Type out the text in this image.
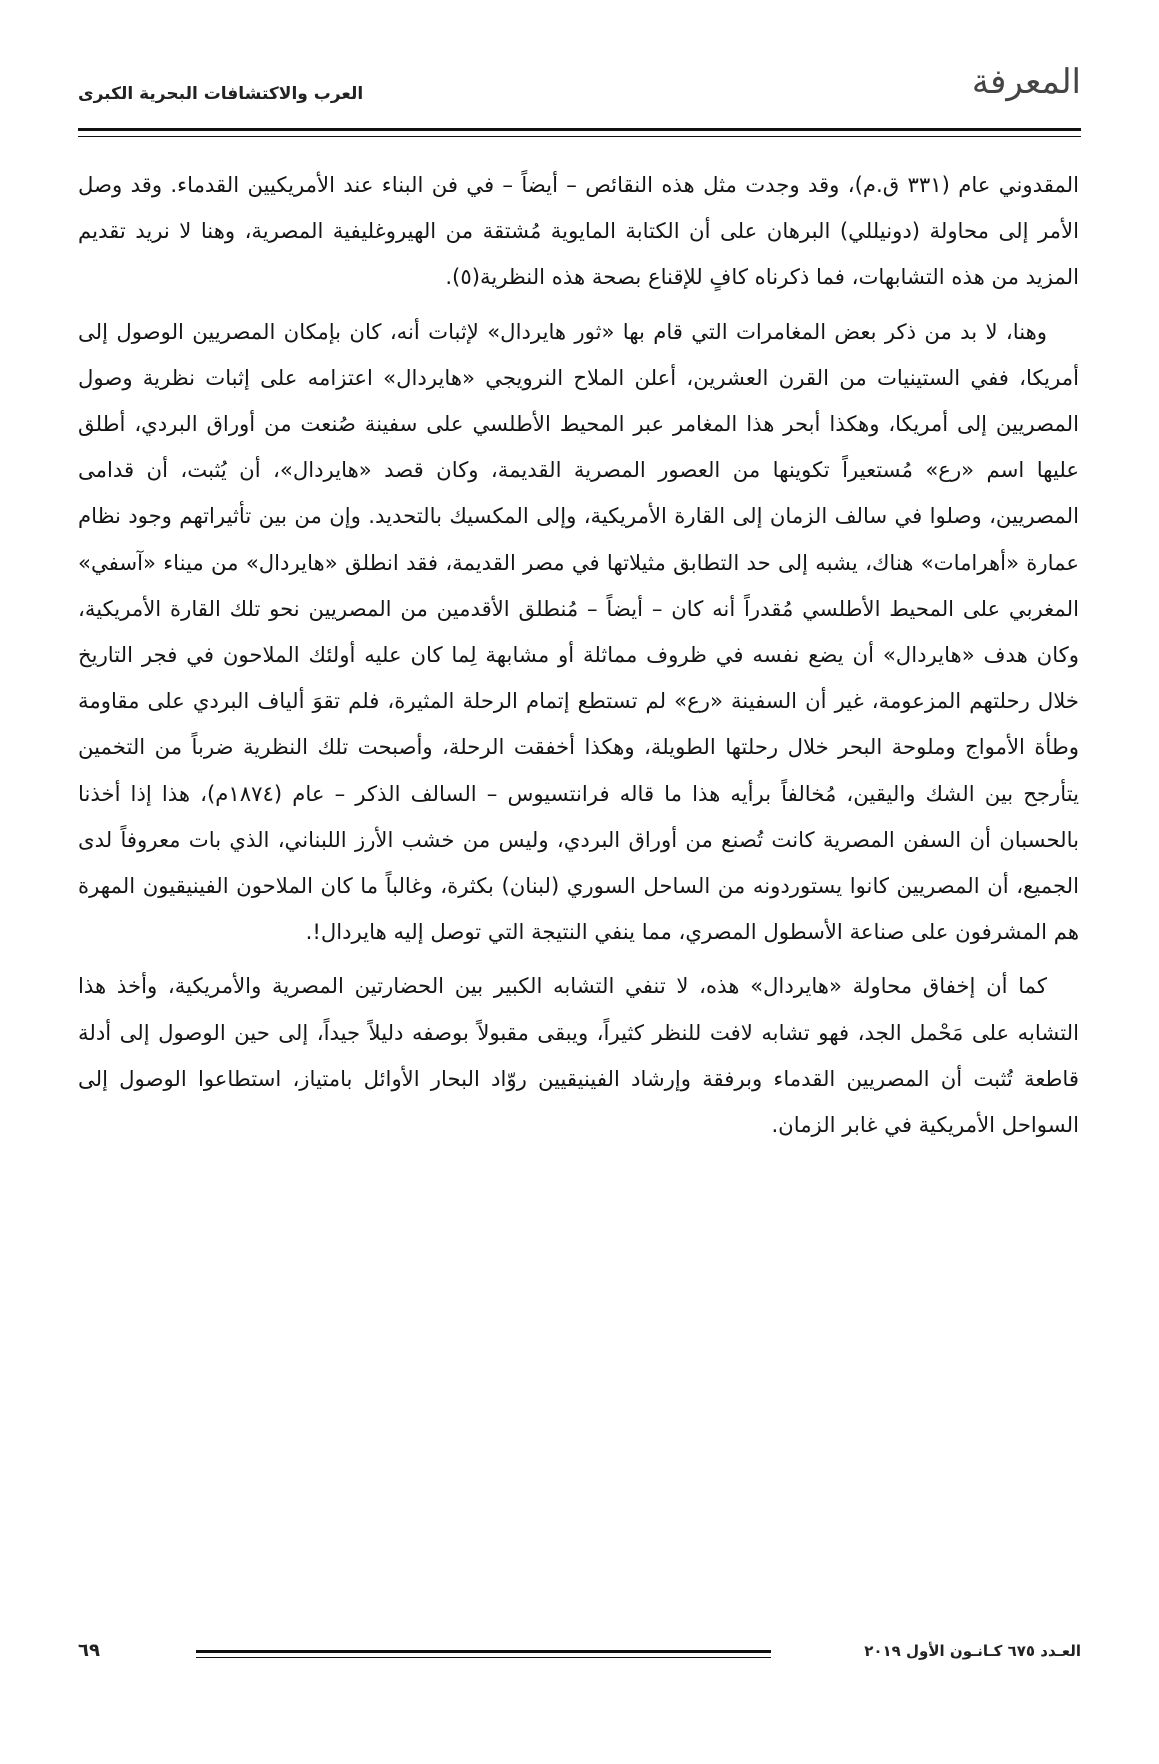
المعرفة
العرب والاكتشافات البحرية الكبرى

المقدوني عام (٣٣١ ق.م)، وقد وجدت مثل هذه النقائص – أيضاً – في فن البناء عند الأمريكيين القدماء. وقد وصل الأمر إلى محاولة (دونيللي) البرهان على أن الكتابة المايوية مُشتقة من الهيروغليفية المصرية، وهنا لا نريد تقديم المزيد من هذه التشابهات، فما ذكرناه كافٍ للإقناع بصحة هذه النظرية(٥).

وهنا، لا بد من ذكر بعض المغامرات التي قام بها «ثور هايردال» لإثبات أنه، كان بإمكان المصريين الوصول إلى أمريكا، ففي الستينيات من القرن العشرين، أعلن الملاح النرويجي «هايردال» اعتزامه على إثبات نظرية وصول المصريين إلى أمريكا، وهكذا أبحر هذا المغامر عبر المحيط الأطلسي على سفينة صُنعت من أوراق البردي، أطلق عليها اسم «رع» مُستعيراً تكوينها من العصور المصرية القديمة، وكان قصد «هايردال»، أن يُثبت، أن قدامى المصريين، وصلوا في سالف الزمان إلى القارة الأمريكية، وإلى المكسيك بالتحديد. وإن من بين تأثيراتهم وجود نظام عمارة «أهرامات» هناك، يشبه إلى حد التطابق مثيلاتها في مصر القديمة، فقد انطلق «هايردال» من ميناء «آسفي» المغربي على المحيط الأطلسي مُقدراً أنه كان – أيضاً – مُنطلق الأقدمين من المصريين نحو تلك القارة الأمريكية، وكان هدف «هايردال» أن يضع نفسه في ظروف مماثلة أو مشابهة لِما كان عليه أولئك الملاحون في فجر التاريخ خلال رحلتهم المزعومة، غير أن السفينة «رع» لم تستطع إتمام الرحلة المثيرة، فلم تقوَ ألياف البردي على مقاومة وطأة الأمواج وملوحة البحر خلال رحلتها الطويلة، وهكذا أخفقت الرحلة، وأصبحت تلك النظرية ضرباً من التخمين يتأرجح بين الشك واليقين، مُخالفاً برأيه هذا ما قاله فرانتسيوس – السالف الذكر – عام (١٨٧٤م)، هذا إذا أخذنا بالحسبان أن السفن المصرية كانت تُصنع من أوراق البردي، وليس من خشب الأرز اللبناني، الذي بات معروفاً لدى الجميع، أن المصريين كانوا يستوردونه من الساحل السوري (لبنان) بكثرة، وغالباً ما كان الملاحون الفينيقيون المهرة هم المشرفون على صناعة الأسطول المصري، مما ينفي النتيجة التي توصل إليه هايردال!.

كما أن إخفاق محاولة «هايردال» هذه، لا تنفي التشابه الكبير بين الحضارتين المصرية والأمريكية، وأخذ هذا التشابه على مَحْمل الجد، فهو تشابه لافت للنظر كثيراً، ويبقى مقبولاً بوصفه دليلاً جيداً، إلى حين الوصول إلى أدلة قاطعة تُثبت أن المصريين القدماء وبرفقة وإرشاد الفينيقيين روّاد البحار الأوائل بامتياز، استطاعوا الوصول إلى السواحل الأمريكية في غابر الزمان.

العـدد ٦٧٥ كـانـون الأول ٢٠١٩
٦٩
